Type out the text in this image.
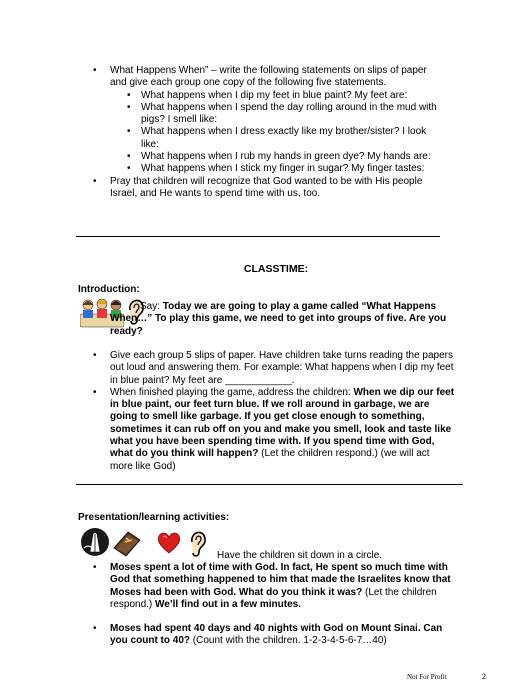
• What Happens When” – write the following statements on slips of paper and give each group one copy of the following five statements.
• What happens when I dip my feet in blue paint? My feet are:
• What happens when I spend the day rolling around in the mud with pigs? I smell like:
• What happens when I dress exactly like my brother/sister? I look like:
• What happens when I rub my hands in green dye? My hands are:
• What happens when I stick my finger in sugar? My finger tastes:
• Pray that children will recognize that God wanted to be with His people Israel, and He wants to spend time with us, too.
CLASSTIME:
Introduction:
Say: Today we are going to play a game called “What Happens When…” To play this game, we need to get into groups of five. Are you ready?
• Give each group 5 slips of paper. Have children take turns reading the papers out loud and answering them. For example: What happens when I dip my feet in blue paint? My feet are ____________.
• When finished playing the game, address the children: When we dip our feet in blue paint, our feet turn blue. If we roll around in garbage, we are going to smell like garbage. If you get close enough to something, sometimes it can rub off on you and make you smell, look and taste like what you have been spending time with. If you spend time with God, what do you think will happen? (Let the children respond.) (we will act more like God)
Presentation/learning activities:
Have the children sit down in a circle.
• Moses spent a lot of time with God. In fact, He spent so much time with God that something happened to him that made the Israelites know that Moses had been with God. What do you think it was? (Let the children respond.) We’ll find out in a few minutes.
• Moses had spent 40 days and 40 nights with God on Mount Sinai. Can you count to 40? (Count with the children. 1-2-3-4-5-6-7…40)
Not For Profit	2
